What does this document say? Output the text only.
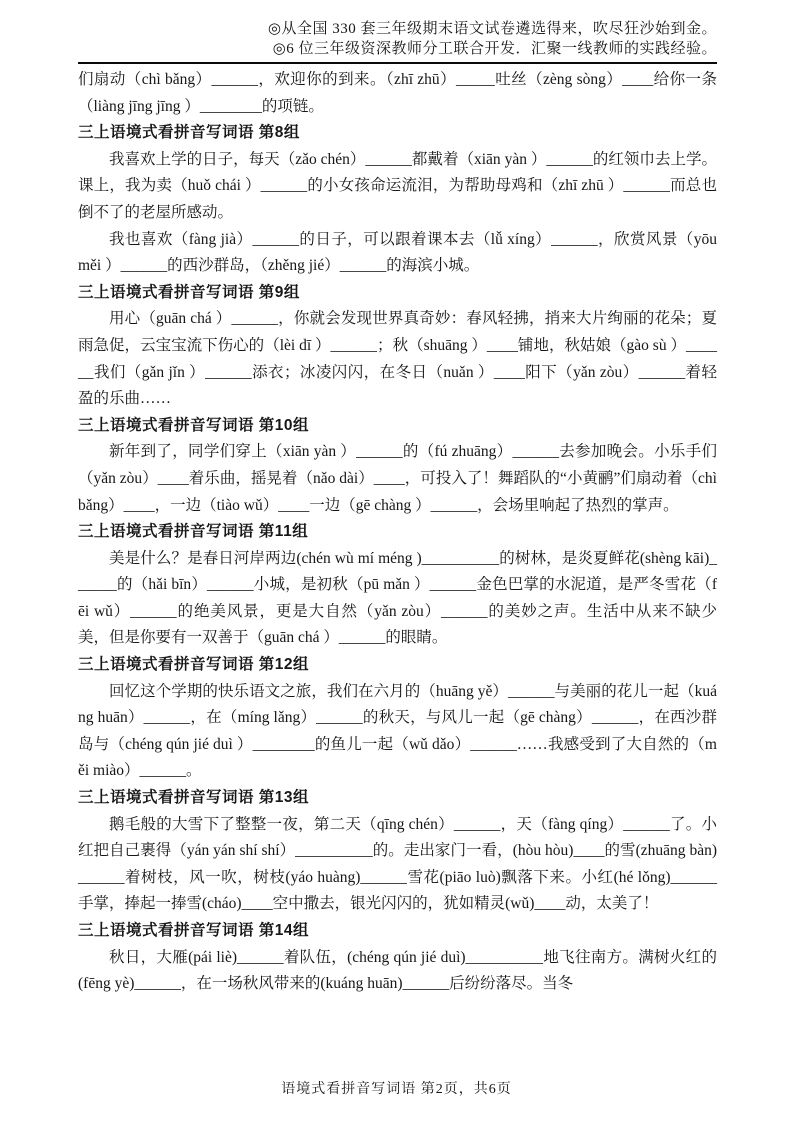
◎从全国 330 套三年级期末语文试卷遴选得来，吹尽狂沙始到金。
◎6 位三年级资深教师分工联合开发．汇聚一线教师的实践经验。

们扇动（chì bǎng）______，欢迎你的到来。（zhī zhū）_____吐丝（zèng sòng）____给你一条（liàng jīng jīng ）________的项链。

三上语境式看拼音写词语 第8组

我喜欢上学的日子，每天（zǎo chén）______都戴着（xiān yàn ）______的红领巾去上学。课上，我为卖（huǒ chái ）______的小女孩命运流泪，为帮助母鸡和（zhī zhū ）______而总也倒不了的老屋所感动。

我也喜欢（fàng jià）______的日子，可以跟着课本去（lǚ xíng）______，欣赏风景（yōu měi ）______的西沙群岛，（zhěng jié）______的海滨小城。

三上语境式看拼音写词语 第9组

用心（guān chá ）______，你就会发现世界真奇妙：春风轻拂，捎来大片绚丽的花朵；夏雨急促，云宝宝流下伤心的（lèi dī ）______；秋（shuāng ）____铺地，秋姑娘（gào sù ）______我们（gǎn jǐn ）______添衣；冰凌闪闪，在冬日（nuǎn ）____阳下（yǎn zòu）______着轻盈的乐曲……

三上语境式看拼音写词语 第10组

新年到了，同学们穿上（xiān yàn ）______的（fú zhuāng）______去参加晚会。小乐手们（yǎn zòu）____着乐曲，摇晃着（nǎo dài）____，可投入了！舞蹈队的“小黄鹂”们扇动着（chì bǎng）____，一边（tiào wǔ）____一边（gē chàng ）______，会场里响起了热烈的掌声。

三上语境式看拼音写词语 第11组

美是什么？是春日河岸两边(chén wù mí méng )__________的树林，是炎夏鲜花(shèng kāi)______的（hǎi bīn）______小城，是初秋（pū mǎn ）______金色巴掌的水泥道，是严冬雪花（fēi wǔ）______的绝美风景，更是大自然（yǎn zòu）______的美妙之声。生活中从来不缺少美，但是你要有一双善于（guān chá ）______的眼睛。

三上语境式看拼音写词语 第12组

回忆这个学期的快乐语文之旅，我们在六月的（huāng yě）______与美丽的花儿一起（kuáng huān）______，在（míng lǎng）______的秋天，与风儿一起（gē chàng）______，在西沙群岛与（chéng qún jié duì ）________的鱼儿一起（wǔ dǎo）______……我感受到了大自然的（měi miào）______。

三上语境式看拼音写词语 第13组

鹅毛般的大雪下了整整一夜，第二天（qīng chén）______，天（fàng qíng）______了。小红把自己裹得（yán yán shí shí）__________的。走出家门一看，(hòu hòu)____的雪(zhuāng bàn)______着树枝，风一吹，树枝(yáo huàng)______雪花(piāo luò)飘落下来。小红(hé lǒng)______手掌，捧起一捧雪(cháo)____空中撒去，银光闪闪的，犹如精灵(wǔ)____动，太美了！

三上语境式看拼音写词语 第14组

秋日，大雁(pái liè)______着队伍，(chéng qún jié duì)__________地飞往南方。满树火红的(fēng yè)______，在一场秋风带来的(kuáng huān)______后纷纷落尽。当冬

语境式看拼音写词语 第2页，共6页
